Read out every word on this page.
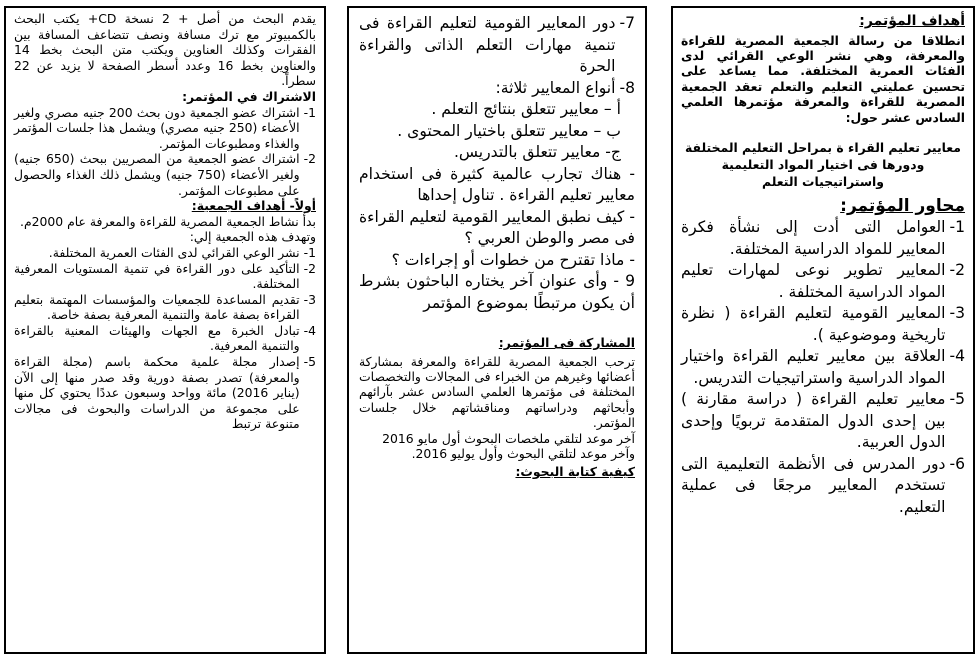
أهداف المؤتمر:
انطلاقا من رسالة الجمعية المصرية للقراءة والمعرفة، وهي نشر الوعي القرائي لدى الفئات العمرية المختلفة. مما يساعد على تحسين عمليتي التعليم والتعلم تعقد الجمعية المصرية للقراءة والمعرفة مؤتمرها العلمي السادس عشر حول:
معايير تعليم القراء ة بمراحل التعليم المختلفة
ودورها فى اختيار المواد التعليمية واستراتيجيات التعلم
محاور المؤتمر:
1-
العوامل التى أدت إلى نشأة فكرة المعايير للمواد الدراسية المختلفة.
2-
المعايير تطوير نوعى لمهارات تعليم المواد الدراسية المختلفة .
3-
المعايير القومية لتعليم القراءة ( نظرة تاريخية وموضوعية ).
4-
العلاقة بين معايير تعليم القراءة واختيار المواد الدراسية واستراتيجيات التدريس.
5-
معايير تعليم القراءة ( دراسة مقارنة ) بين إحدى الدول المتقدمة تربويًا وإحدى الدول العربية.
6-
دور المدرس فى الأنظمة التعليمية التى تستخدم المعايير مرجعًا فى عملية التعليم.
7-
دور المعايير القومية لتعليم القراءة فى تنمية مهارات التعلم الذاتى والقراءة الحرة
8-
أنواع المعايير ثلاثة:
أ – معايير تتعلق بنتائج التعلم .
ب – معايير تتعلق باختيار المحتوى .
ج- معايير تتعلق بالتدريس.
- هناك تجارب عالمية كثيرة فى استخدام معايير تعليم القراءة . تناول إحداها
- كيف نطبق المعايير القومية لتعليم القراءة فى مصر والوطن العربي ؟
- ماذا تقترح من خطوات أو إجراءات ؟
9 - وأى عنوان آخر يختاره الباحثون بشرط أن يكون مرتبطًا بموضوع المؤتمر
المشاركة فى المؤتمر:
ترحب الجمعية المصرية للقراءة والمعرفة بمشاركة أعضائها وغيرهم من الخبراء فى المجالات والتخصصات المختلفة فى مؤتمرها العلمي السادس عشر بآرائهم وأبحاثهم ودراساتهم ومناقشاتهم خلال جلسات المؤتمر.
آخر موعد لتلقي ملخصات البحوث أول مايو 2016
وآخر موعد لتلقي البحوث وأول يوليو 2016.
كيفية كتابة البحوث:
يقدم البحث من أصل + 2 نسخة CD+ يكتب البحث بالكمبيوتر مع ترك مسافة ونصف تتضاعف المسافة بين الفقرات وكذلك العناوين ويكتب متن البحث بخط 14 والعناوين بخط 16 وعدد أسطر الصفحة لا يزيد عن 22 سطراً.
الاشتراك في المؤتمر:
1-
اشتراك عضو الجمعية دون بحث 200 جنيه مصري ولغير الأعضاء (250 جنيه مصري) ويشمل هذا جلسات المؤتمر والغذاء ومطبوعات المؤتمر.
2-
اشتراك عضو الجمعية من المصريين ببحث (650 جنيه) ولغير الأعضاء (750 جنيه) ويشمل ذلك الغذاء والحصول على مطبوعات المؤتمر.
أولاً- أهداف الجمعية:
بدأ نشاط الجمعية المصرية للقراءة والمعرفة عام 2000م.
وتهدف هذه الجمعية إلي:
1-
نشر الوعي القرائي لدى الفئات العمرية المختلفة.
2-
التأكيد على دور القراءة في تنمية المستويات المعرفية المختلفة.
3-
تقديم المساعدة للجمعيات والمؤسسات المهتمة بتعليم القراءة بصفة عامة والتنمية المعرفية بصفة خاصة.
4-
تبادل الخبرة مع الجهات والهيئات المعنية بالقراءة والتنمية المعرفية.
5-
إصدار مجلة علمية محكمة باسم (مجلة القراءة والمعرفة) تصدر بصفة دورية وقد صدر منها إلى الآن (يناير 2016) مائة وواحد وسبعون عددًا يحتوي كل منها على مجموعة من الدراسات والبحوث فى مجالات متنوعة ترتبط
